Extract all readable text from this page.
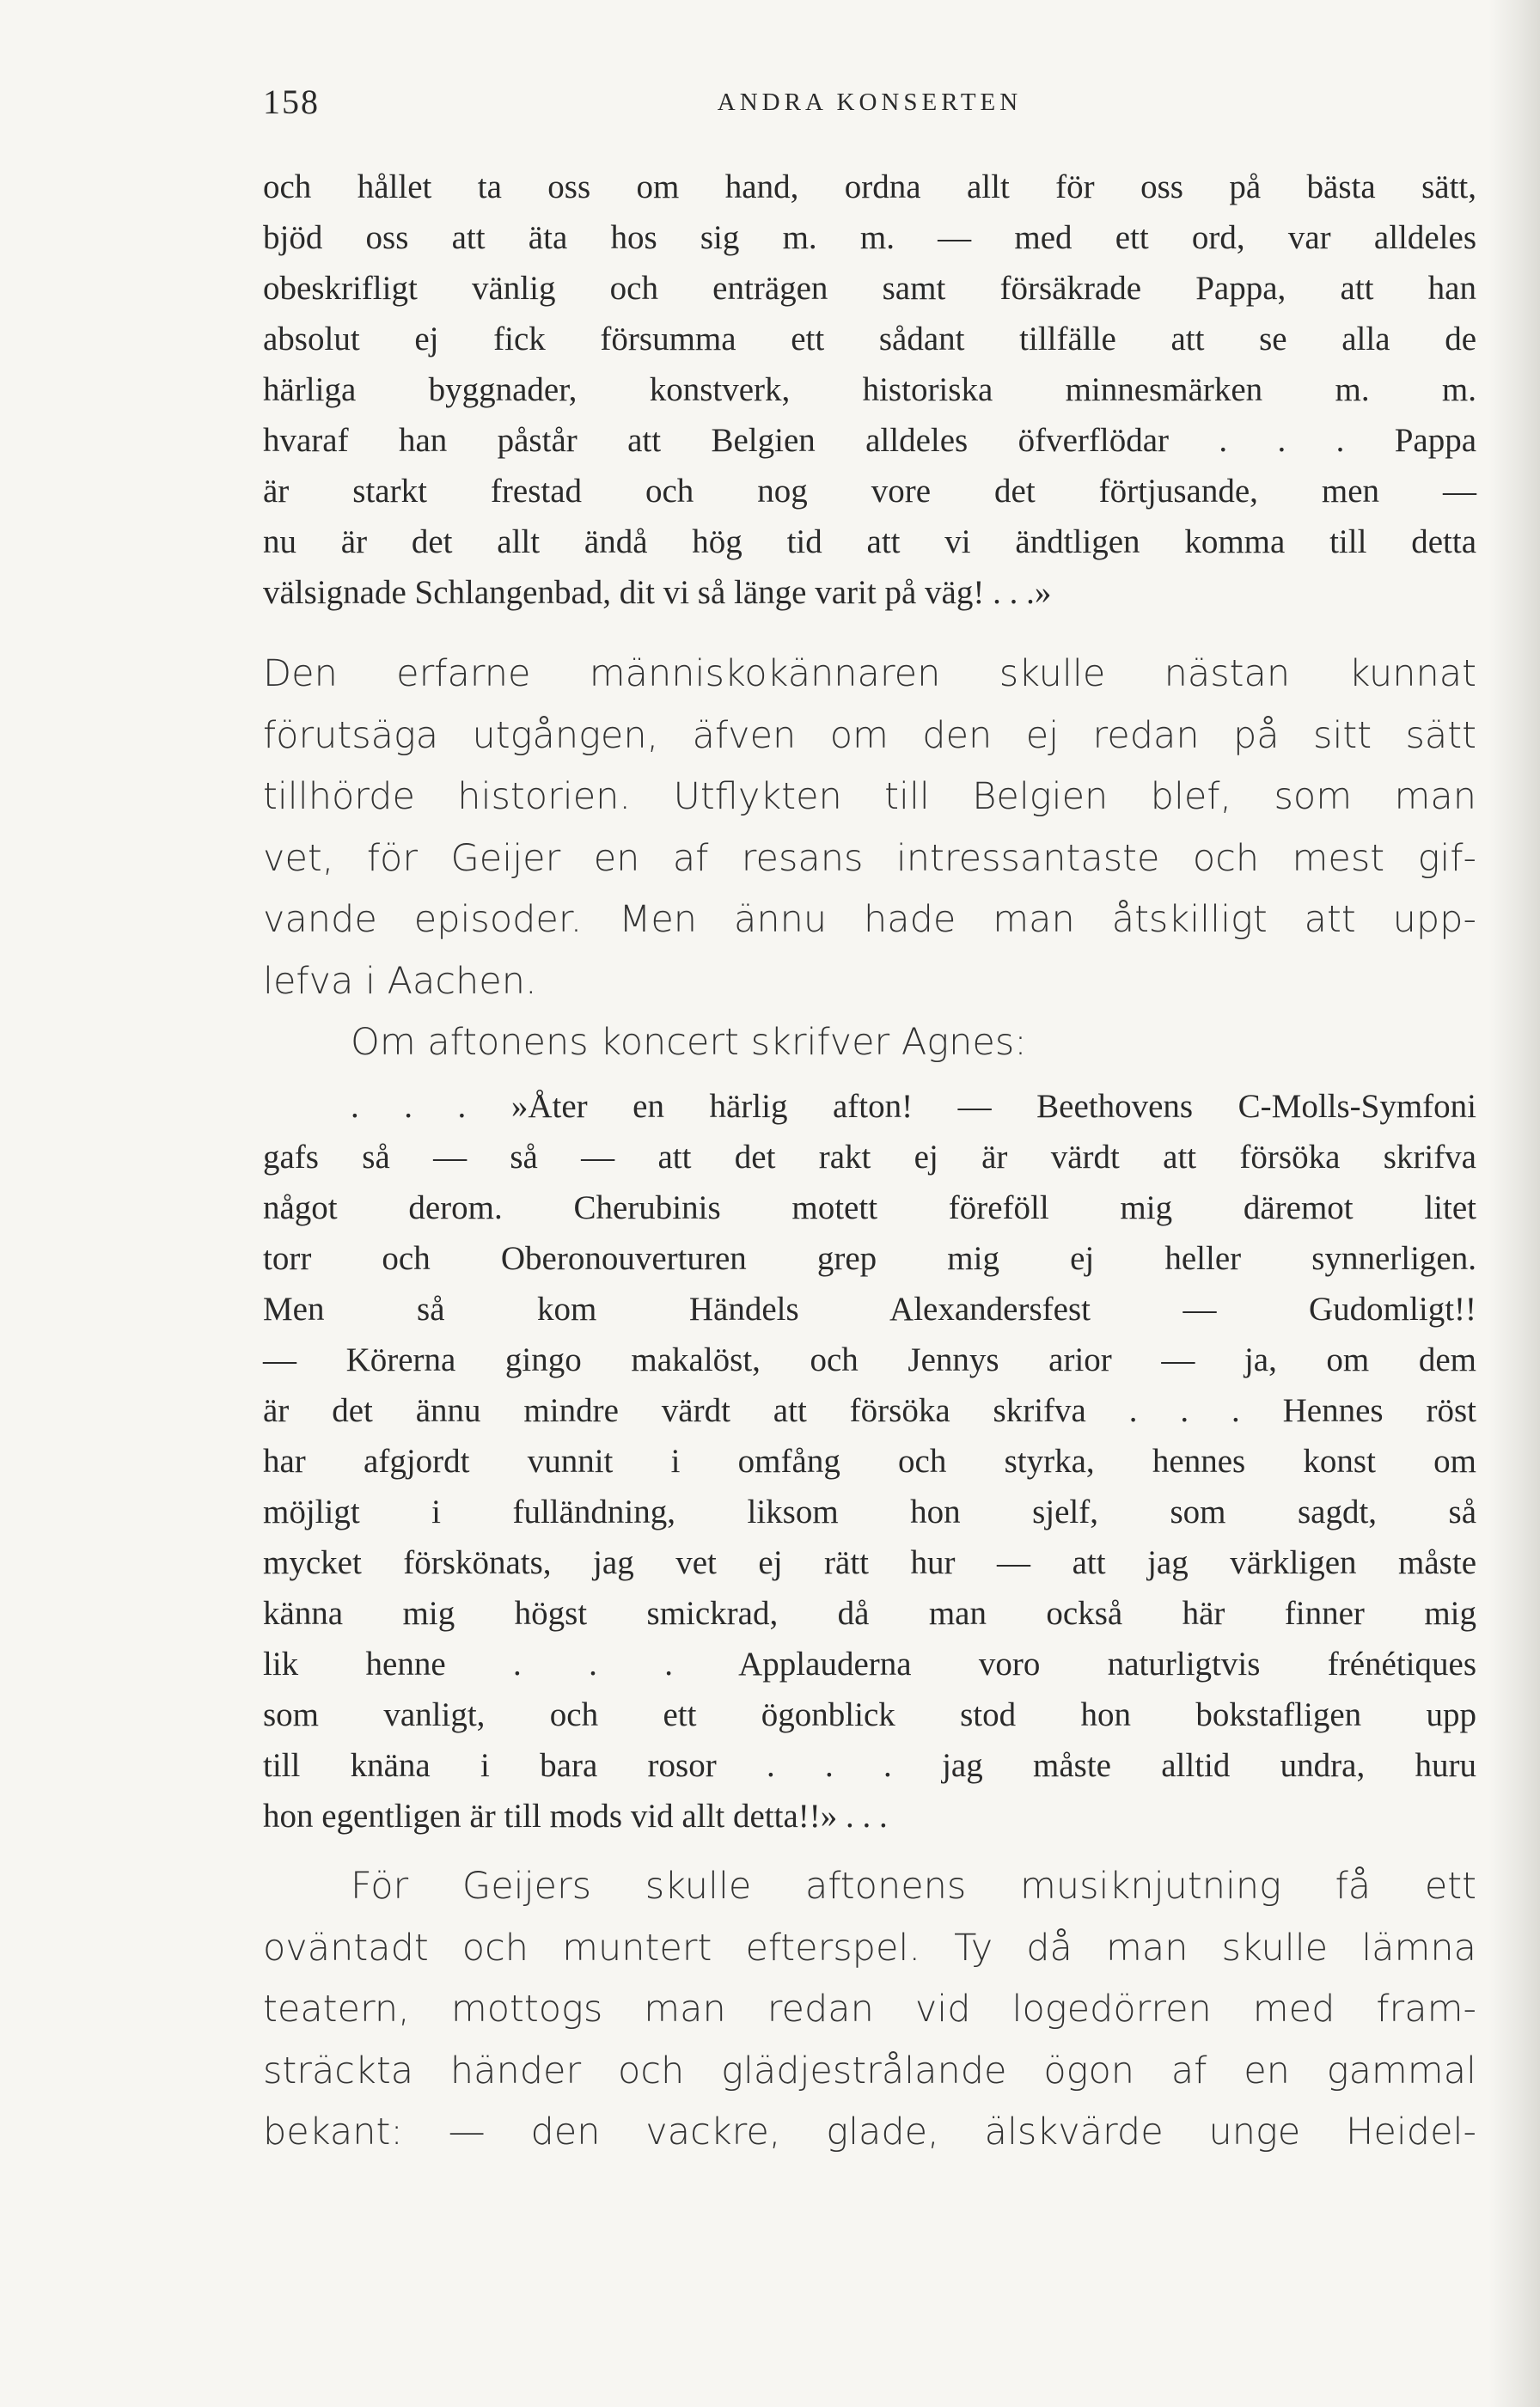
158	ANDRA KONSERTEN
och hållet ta oss om hand, ordna allt för oss på bästa sätt,
bjöd oss att äta hos sig m. m. — med ett ord, var alldeles
obeskrifligt vänlig och enträgen samt försäkrade Pappa, att han
absolut ej fick försumma ett sådant tillfälle att se alla de
härliga byggnader, konstverk, historiska minnesmärken m. m.
hvaraf han påstår att Belgien alldeles öfverflödar . . . Pappa
är starkt frestad och nog vore det förtjusande, men —
nu är det allt ändå hög tid att vi ändtligen komma till detta
välsignade Schlangenbad, dit vi så länge varit på väg! . . .»
Den erfarne människokännaren skulle nästan kunnat
förutsäga utgången, äfven om den ej redan på sitt sätt
tillhörde historien. Utflykten till Belgien blef, som man
vet, för Geijer en af resans intressantaste och mest gif-
vande episoder. Men ännu hade man åtskilligt att upp-
lefva i Aachen.
Om aftonens koncert skrifver Agnes:
. . . »Åter en härlig afton! — Beethovens C-Molls-Symfoni
gafs så — så — att det rakt ej är värdt att försöka skrifva
något derom. Cherubinis motett föreföll mig däremot litet
torr och Oberonouverturen grep mig ej heller synnerligen.
Men så kom Händels Alexandersfest — Gudomligt!!
— Körerna gingo makalöst, och Jennys arior — ja, om dem
är det ännu mindre värdt att försöka skrifva . . . Hennes röst
har afgjordt vunnit i omfång och styrka, hennes konst om
möjligt i fulländning, liksom hon sjelf, som sagdt, så
mycket förskönats, jag vet ej rätt hur — att jag värkligen måste
känna mig högst smickrad, då man också här finner mig
lik henne . . . Applauderna voro naturligtvis frénétiques
som vanligt, och ett ögonblick stod hon bokstafligen upp
till knäna i bara rosor . . . jag måste alltid undra, huru
hon egentligen är till mods vid allt detta!!» . . .
För Geijers skulle aftonens musiknjutning få ett
oväntadt och muntert efterspel. Ty då man skulle lämna
teatern, mottogs man redan vid logedörren med fram-
sträckta händer och glädjestrålande ögon af en gammal
bekant: — den vackre, glade, älskvärde unge Heidel-
